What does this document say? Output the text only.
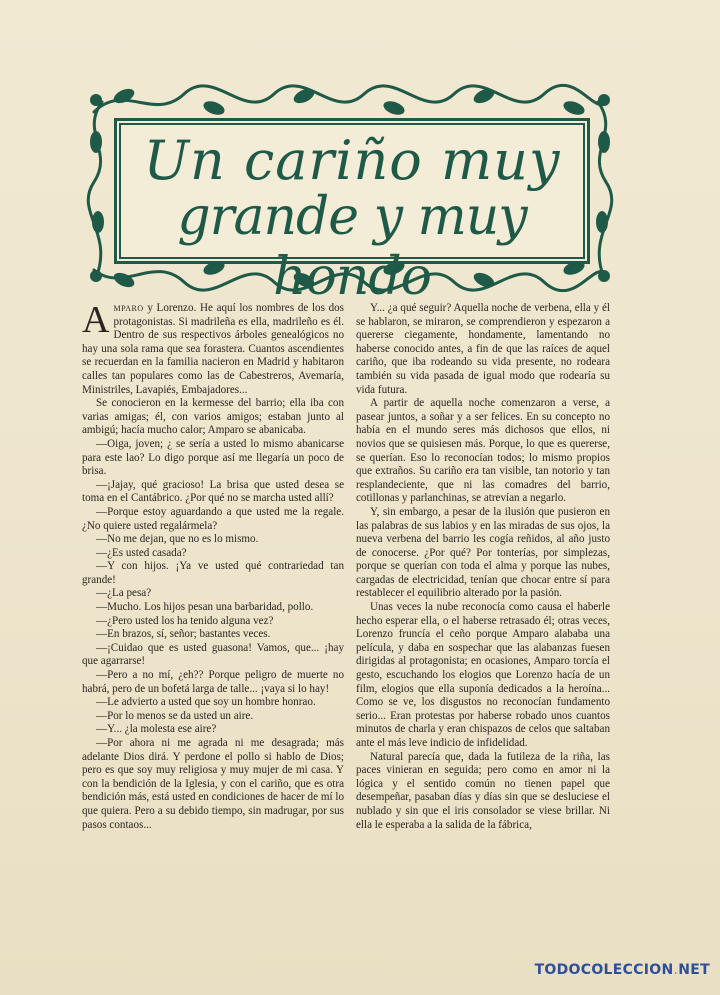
Un cariño muy
grande y muy hondo

Amparo y Lorenzo. He aquí los nombres de los dos protagonistas. Si madrileña es ella, madrileño es él. Dentro de sus respectivos árboles genealógicos no hay una sola rama que sea forastera. Cuantos ascendientes se recuerdan en la familia nacieron en Madrid y habitaron calles tan populares como las de Cabestreros, Avemaría, Ministriles, Lavapiés, Embajadores...

Se conocieron en la kermesse del barrio; ella iba con varias amigas; él, con varios amigos; estaban junto al ambigú; hacía mucho calor; Amparo se abanicaba.

—Oiga, joven; ¿ se sería a usted lo mismo abanicarse para este lao? Lo digo porque así me llegaría un poco de brisa.

—¡Jajay, qué gracioso! La brisa que usted desea se toma en el Cantábrico. ¿Por qué no se marcha usted allí?

—Porque estoy aguardando a que usted me la regale. ¿No quiere usted regalármela?

—No me dejan, que no es lo mismo.

—¿Es usted casada?

—Y con hijos. ¡Ya ve usted qué contrariedad tan grande!

—¿La pesa?

—Mucho. Los hijos pesan una barbaridad, pollo.

—¿Pero usted los ha tenido alguna vez?

—En brazos, sí, señor; bastantes veces.

—¡Cuidao que es usted guasona! Vamos, que... ¡hay que agarrarse!

—Pero a no mí, ¿eh?? Porque peligro de muerte no habrá, pero de un bofetá larga de talle... ¡vaya si lo hay!

—Le advierto a usted que soy un hombre honrao.

—Por lo menos se da usted un aire.

—Y... ¿la molesta ese aire?

—Por ahora ni me agrada ni me desagrada; más adelante Dios dirá. Y perdone el pollo si hablo de Dios; pero es que soy muy religiosa y muy mujer de mi casa. Y con la bendición de la Iglesia, y con el cariño, que es otra bendición más, está usted en condiciones de hacer de mí lo que quiera. Pero a su debido tiempo, sin madrugar, por sus pasos contaos...

Y... ¿a qué seguir? Aquella noche de verbena, ella y él se hablaron, se miraron, se comprendieron y espezaron a quererse ciegamente, hondamente, lamentando no haberse conocido antes, a fin de que las raíces de aquel cariño, que iba rodeando su vida presente, no rodeara también su vida pasada de igual modo que rodearía su vida futura.

A partir de aquella noche comenzaron a verse, a pasear juntos, a soñar y a ser felices. En su concepto no había en el mundo seres más dichosos que ellos, ni novios que se quisiesen más. Porque, lo que es quererse, se querían. Eso lo reconocían todos; lo mismo propios que extraños. Su cariño era tan visible, tan notorio y tan resplandeciente, que ni las comadres del barrio, cotillonas y parlanchinas, se atrevían a negarlo.

Y, sin embargo, a pesar de la ilusión que pusieron en las palabras de sus labios y en las miradas de sus ojos, la nueva verbena del barrio les cogía reñidos, al año justo de conocerse. ¿Por qué? Por tonterías, por simplezas, porque se querían con toda el alma y porque las nubes, cargadas de electricidad, tenían que chocar entre sí para restablecer el equilibrio alterado por la pasión.

Unas veces la nube reconocía como causa el haberle hecho esperar ella, o el haberse retrasado él; otras veces, Lorenzo fruncía el ceño porque Amparo alababa una película, y daba en sospechar que las alabanzas fuesen dirigidas al protagonista; en ocasiones, Amparo torcía el gesto, escuchando los elogios que Lorenzo hacía de un film, elogios que ella suponía dedicados a la heroína... Como se ve, los disgustos no reconocían fundamento serio... Eran protestas por haberse robado unos cuantos minutos de charla y eran chispazos de celos que saltaban ante el más leve indicio de infidelidad.

Natural parecía que, dada la futileza de la riña, las paces vinieran en seguida; pero como en amor ni la lógica y el sentido común no tienen papel que desempeñar, pasaban días y días sin que se desluciese el nublado y sin que el iris consolador se viese brillar. Ni ella le esperaba a la salida de la fábrica,

TODOCOLECCION.NET
